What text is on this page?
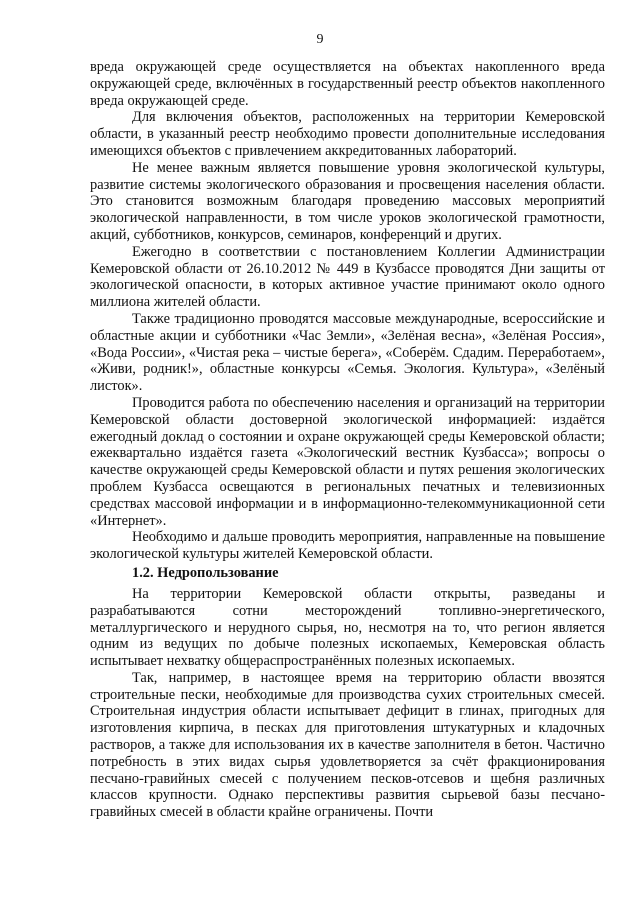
9

вреда окружающей среде осуществляется на объектах накопленного вреда окружающей среде, включённых в государственный реестр объектов накопленного вреда окружающей среде.

Для включения объектов, расположенных на территории Кемеровской области, в указанный реестр необходимо провести дополнительные исследования имеющихся объектов с привлечением аккредитованных лабораторий.

Не менее важным является повышение уровня экологической культуры, развитие системы экологического образования и просвещения населения области. Это становится возможным благодаря проведению массовых мероприятий экологической направленности, в том числе уроков экологической грамотности, акций, субботников, конкурсов, семинаров, конференций и других.

Ежегодно в соответствии с постановлением Коллегии Администрации Кемеровской области от 26.10.2012 № 449 в Кузбассе проводятся Дни защиты от экологической опасности, в которых активное участие принимают около одного миллиона жителей области.

Также традиционно проводятся массовые международные, всероссийские и областные акции и субботники «Час Земли», «Зелёная весна», «Зелёная Россия», «Вода России», «Чистая река – чистые берега», «Соберём. Сдадим. Переработаем», «Живи, родник!», областные конкурсы «Семья. Экология. Культура», «Зелёный листок».

Проводится работа по обеспечению населения и организаций на территории Кемеровской области достоверной экологической информацией: издаётся ежегодный доклад о состоянии и охране окружающей среды Кемеровской области; ежеквартально издаётся газета «Экологический вестник Кузбасса»; вопросы о качестве окружающей среды Кемеровской области и путях решения экологических проблем Кузбасса освещаются в региональных печатных и телевизионных средствах массовой информации и в информационно-телекоммуникационной сети «Интернет».

Необходимо и дальше проводить мероприятия, направленные на повышение экологической культуры жителей Кемеровской области.

1.2. Недропользование

На территории Кемеровской области открыты, разведаны и разрабатываются сотни месторождений топливно-энергетического, металлургического и нерудного сырья, но, несмотря на то, что регион является одним из ведущих по добыче полезных ископаемых, Кемеровская область испытывает нехватку общераспространённых полезных ископаемых.

Так, например, в настоящее время на территорию области ввозятся строительные пески, необходимые для производства сухих строительных смесей. Строительная индустрия области испытывает дефицит в глинах, пригодных для изготовления кирпича, в песках для приготовления штукатурных и кладочных растворов, а также для использования их в качестве заполнителя в бетон. Частично потребность в этих видах сырья удовлетворяется за счёт фракционирования песчано-гравийных смесей с получением песков-отсевов и щебня различных классов крупности. Однако перспективы развития сырьевой базы песчано-гравийных смесей в области крайне ограничены. Почти
